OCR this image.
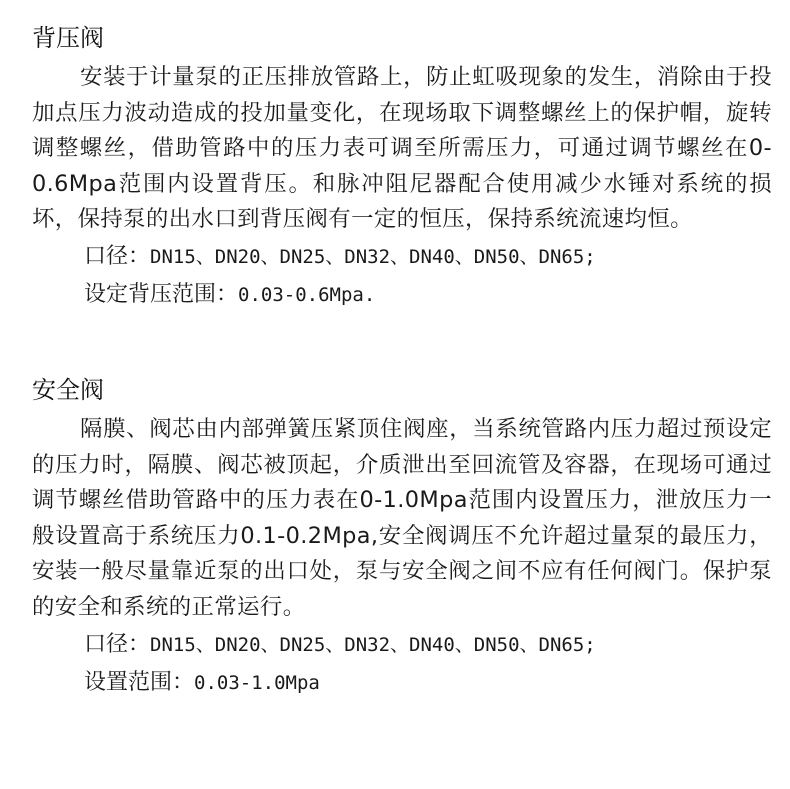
背压阀

安装于计量泵的正压排放管路上，防止虹吸现象的发生，消除由于投加点压力波动造成的投加量变化，在现场取下调整螺丝上的保护帽，旋转调整螺丝，借助管路中的压力表可调至所需压力，可通过调节螺丝在0-0.6Mpa范围内设置背压。和脉冲阻尼器配合使用减少水锤对系统的损坏，保持泵的出水口到背压阀有一定的恒压，保持系统流速均恒。

口径：DN15、DN20、DN25、DN32、DN40、DN50、DN65;

设定背压范围：0.03-0.6Mpa.

安全阀

隔膜、阀芯由内部弹簧压紧顶住阀座，当系统管路内压力超过预设定的压力时，隔膜、阀芯被顶起，介质泄出至回流管及容器，在现场可通过调节螺丝借助管路中的压力表在0-1.0Mpa范围内设置压力，泄放压力一般设置高于系统压力0.1-0.2Mpa,安全阀调压不允许超过量泵的最压力，安装一般尽量靠近泵的出口处，泵与安全阀之间不应有任何阀门。保护泵的安全和系统的正常运行。

口径：DN15、DN20、DN25、DN32、DN40、DN50、DN65;

设置范围：0.03-1.0Mpa
